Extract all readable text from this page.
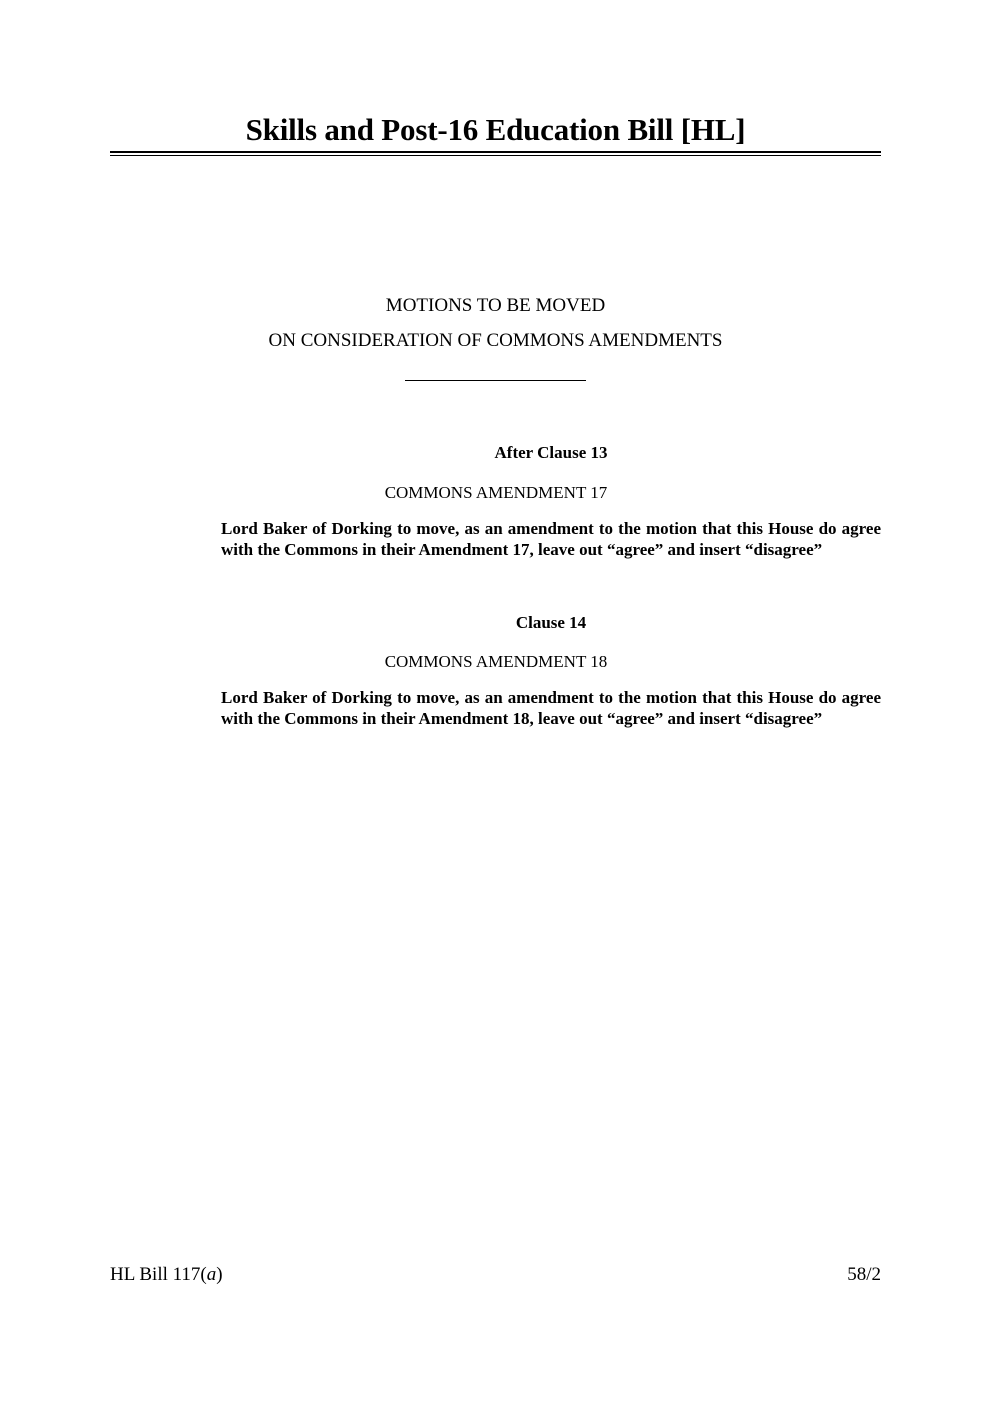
Skills and Post-16 Education Bill [HL]
MOTIONS TO BE MOVED
ON CONSIDERATION OF COMMONS AMENDMENTS
After Clause 13
COMMONS AMENDMENT 17
Lord Baker of Dorking to move, as an amendment to the motion that this House do agree with the Commons in their Amendment 17, leave out “agree” and insert “disagree”
Clause 14
COMMONS AMENDMENT 18
Lord Baker of Dorking to move, as an amendment to the motion that this House do agree with the Commons in their Amendment 18, leave out “agree” and insert “disagree”
HL Bill 117(a)	58/2
